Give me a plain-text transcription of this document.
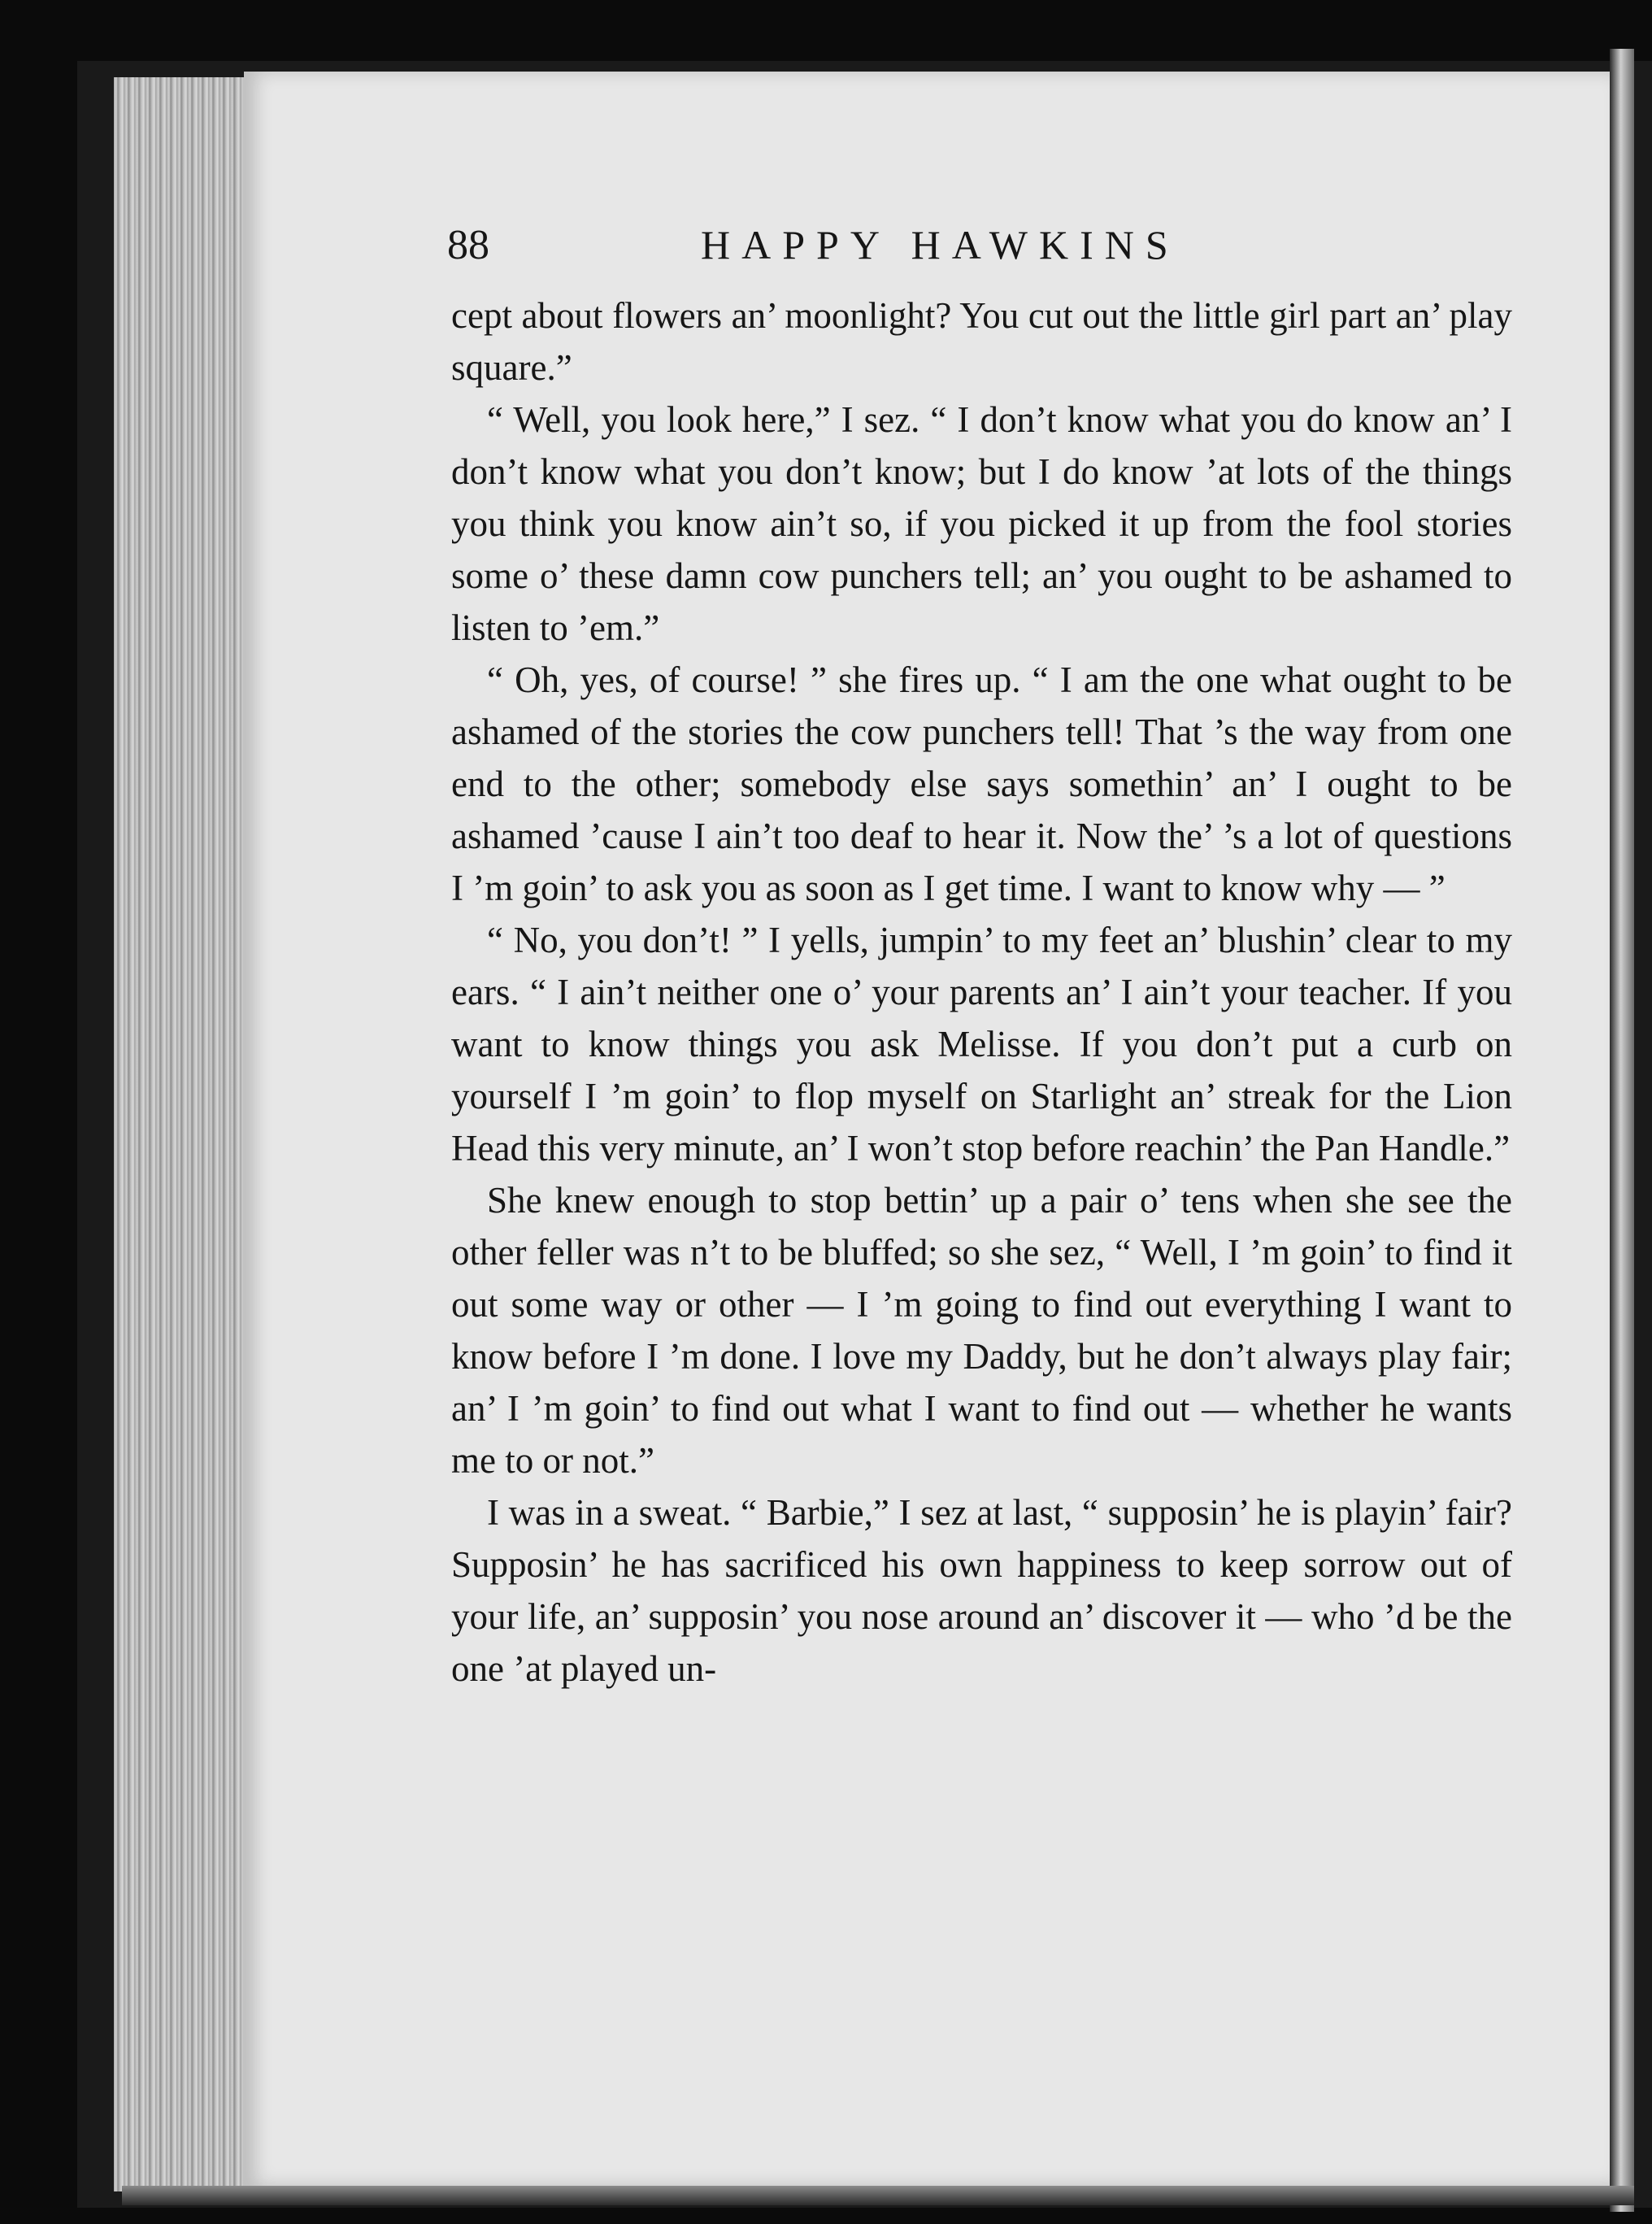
88	HAPPY HAWKINS

cept about flowers an’ moonlight? You cut out the little girl part an’ play square.”

“ Well, you look here,” I sez. “ I don’t know what you do know an’ I don’t know what you don’t know; but I do know ’at lots of the things you think you know ain’t so, if you picked it up from the fool stories some o’ these damn cow punchers tell; an’ you ought to be ashamed to listen to ’em.”

“ Oh, yes, of course! ” she fires up. “ I am the one what ought to be ashamed of the stories the cow punchers tell! That ’s the way from one end to the other; somebody else says somethin’ an’ I ought to be ashamed ’cause I ain’t too deaf to hear it. Now the’ ’s a lot of questions I ’m goin’ to ask you as soon as I get time. I want to know why — ”

“ No, you don’t! ” I yells, jumpin’ to my feet an’ blushin’ clear to my ears. “ I ain’t neither one o’ your parents an’ I ain’t your teacher. If you want to know things you ask Melisse. If you don’t put a curb on yourself I ’m goin’ to flop myself on Starlight an’ streak for the Lion Head this very minute, an’ I won’t stop before reachin’ the Pan Handle.”

She knew enough to stop bettin’ up a pair o’ tens when she see the other feller was n’t to be bluffed; so she sez, “ Well, I ’m goin’ to find it out some way or other — I ’m going to find out everything I want to know before I ’m done. I love my Daddy, but he don’t always play fair; an’ I ’m goin’ to find out what I want to find out — whether he wants me to or not.”

I was in a sweat. “ Barbie,” I sez at last, “ supposin’ he is playin’ fair? Supposin’ he has sacrificed his own happiness to keep sorrow out of your life, an’ supposin’ you nose around an’ discover it — who ’d be the one ’at played un-
